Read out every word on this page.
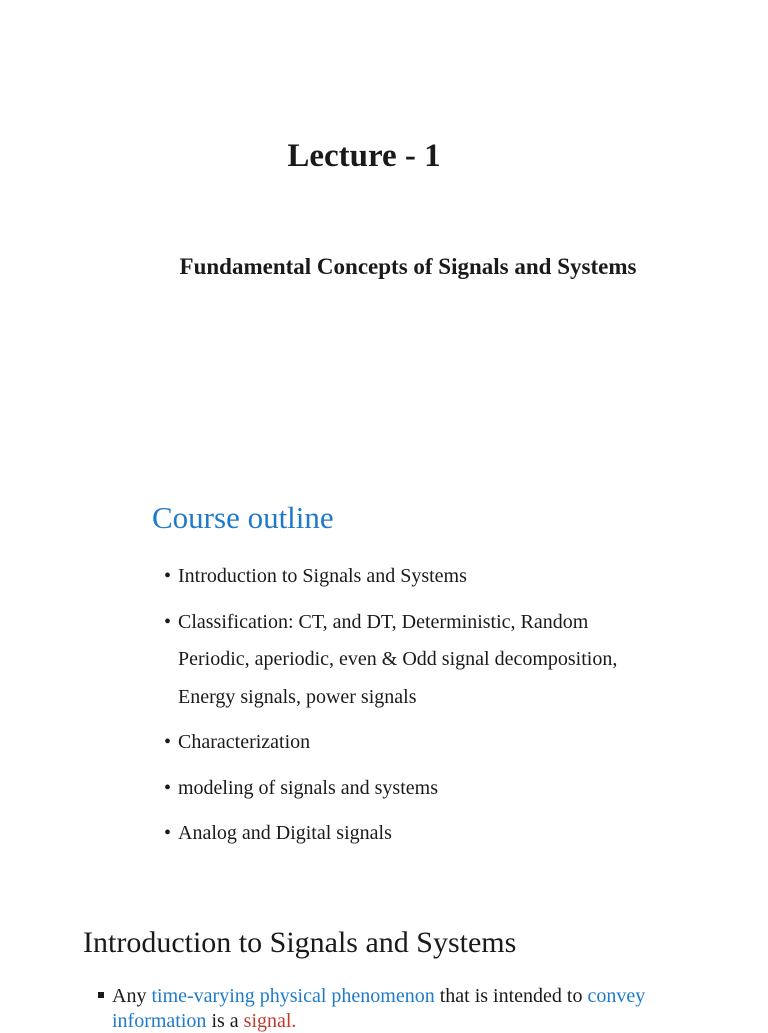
Lecture - 1
Fundamental Concepts of Signals and Systems
Course outline
• Introduction to Signals and Systems
• Classification: CT, and DT, Deterministic, Random
Periodic, aperiodic, even & Odd signal decomposition,
Energy signals, power signals
• Characterization
• modeling of signals and systems
• Analog and Digital signals
Introduction to Signals and Systems
Any time-varying physical phenomenon that is intended to convey
information is a signal.
